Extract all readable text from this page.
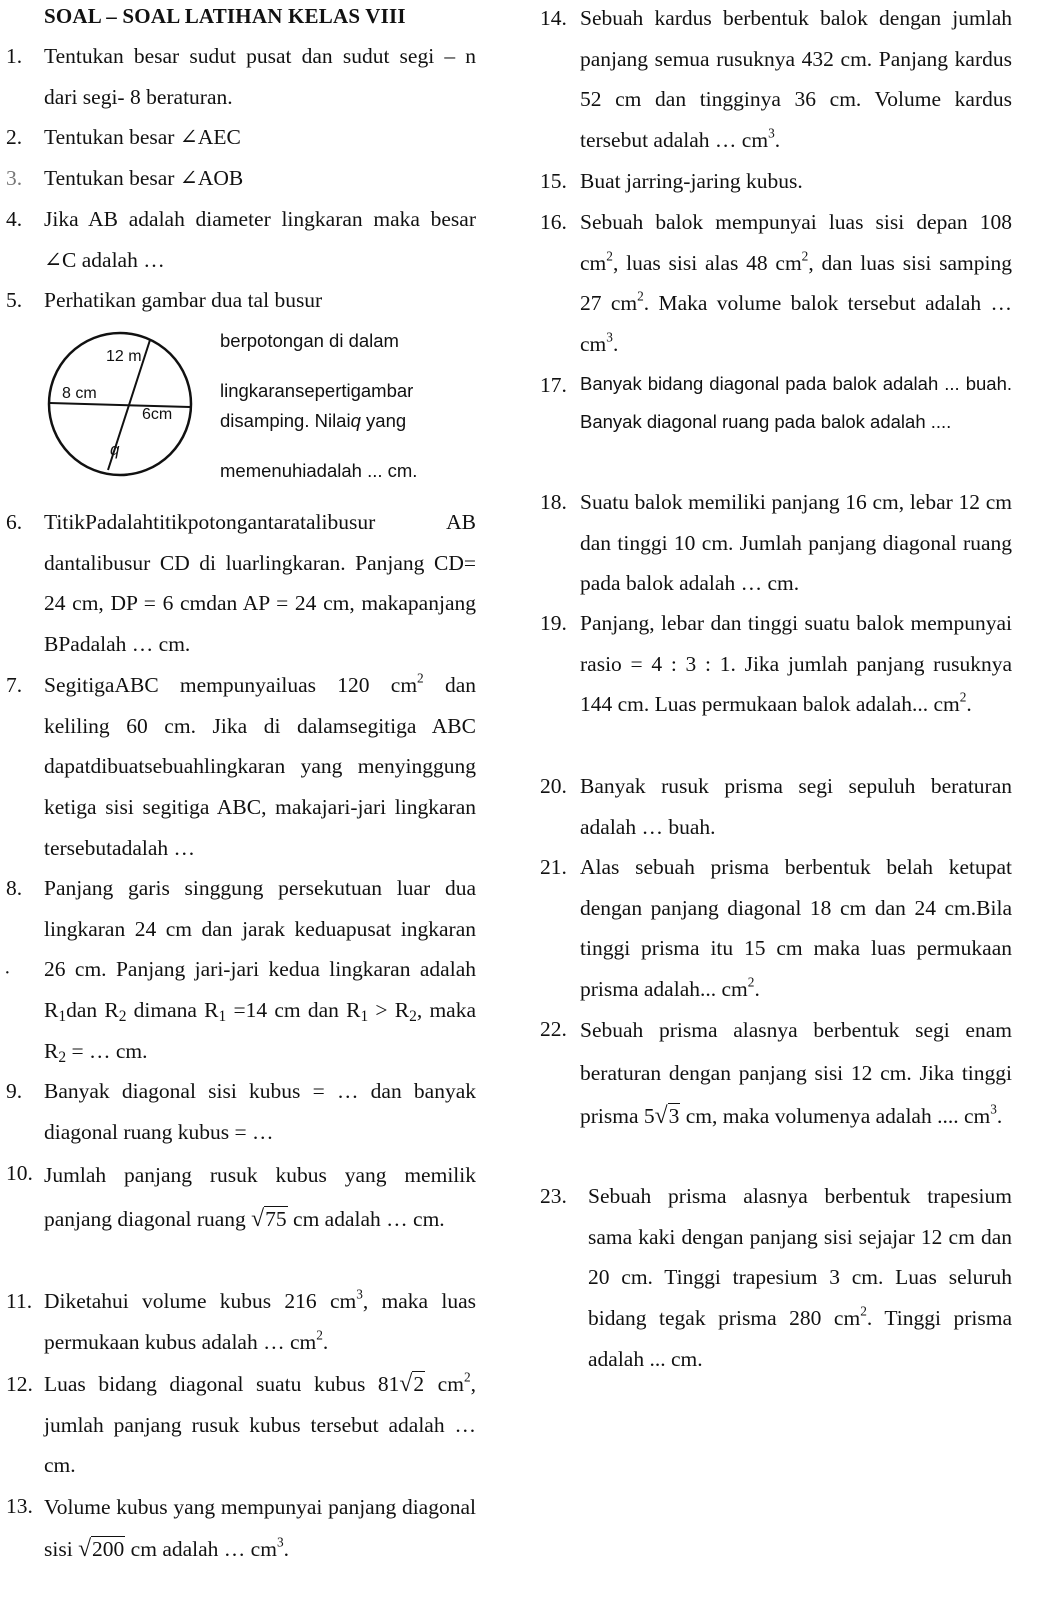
SOAL – SOAL LATIHAN KELAS VIII
1.	Tentukan besar sudut pusat dan sudut segi – n dari segi- 8 beraturan.
2.	Tentukan besar ∠AEC
3.	Tentukan besar ∠AOB
4.	Jika AB adalah diameter lingkaran maka besar ∠C adalah …
5.	Perhatikan gambar dua tal busur
12 m
8 cm
6cm
q
berpotongan di dalam
lingkaransepertigambar
disamping. Nilaiq yang
memenuhiadalah ... cm.
6.	TitikPadalahtitikpotongantaratalibusur AB dantalibusur CD di luarlingkaran. Panjang CD= 24 cm, DP = 6 cmdan AP = 24 cm, makapanjang BPadalah … cm.
7.	SegitigaABC mempunyailuas 120 $cm^2$ dan keliling 60 cm. Jika di dalamsegitiga ABC dapatdibuatsebuahlingkaran yang menyinggung ketiga sisi segitiga ABC, makajari-jari lingkaran tersebutadalah …
8.	Panjang garis singgung persekutuan luar dua lingkaran 24 cm dan jarak keduapusat ingkaran 26 cm. Panjang jari-jari kedua lingkaran adalah $R_1dan$ $R_2$ dimana $R_1 =14$ cm dan $R_1 > R_2$, maka $R_2$ = … cm.
·
9.	Banyak diagonal sisi kubus = … dan banyak diagonal ruang kubus = …
10. Jumlah panjang rusuk kubus yang memilik panjang diagonal ruang √75 cm adalah … cm.
11. Diketahui volume kubus 216 $cm^3$, maka luas permukaan kubus adalah … $cm^2$.
12. Luas bidang diagonal suatu kubus 81√2 $cm^2$, jumlah panjang rusuk kubus tersebut adalah … cm.
13. Volume kubus yang mempunyai panjang diagonal sisi √200 cm adalah … $cm^3$.
14. Sebuah kardus berbentuk balok dengan jumlah panjang semua rusuknya 432 cm. Panjang kardus 52 cm dan tingginya 36 cm. Volume kardus tersebut adalah … $cm^3$.
15. Buat jarring-jaring kubus.
16. Sebuah balok mempunyai luas sisi depan 108 $cm^2$, luas sisi alas 48 $cm^2$, dan luas sisi samping 27 $cm^2$. Maka volume balok tersebut adalah … $cm^3$.
17. Banyak bidang diagonal pada balok adalah ... buah. Banyak diagonal ruang pada balok adalah ....
18. Suatu balok memiliki panjang 16 cm, lebar 12 cm dan tinggi 10 cm. Jumlah panjang diagonal ruang pada balok adalah … cm.
19. Panjang, lebar dan tinggi suatu balok mempunyai rasio = 4 : 3 : 1. Jika jumlah panjang rusuknya 144 cm. Luas permukaan balok adalah... $cm^2$.
20. Banyak rusuk prisma segi sepuluh beraturan adalah … buah.
21. Alas sebuah prisma berbentuk belah ketupat dengan panjang diagonal 18 cm dan 24 cm.Bila tinggi prisma itu 15 cm maka luas permukaan prisma adalah... $cm^2$.
22. Sebuah prisma alasnya berbentuk segi enam beraturan dengan panjang sisi 12 cm. Jika tinggi prisma 5√3 cm, maka volumenya adalah .... $cm^3$.
23. Sebuah prisma alasnya berbentuk trapesium sama kaki dengan panjang sisi sejajar 12 cm dan 20 cm. Tinggi trapesium 3 cm. Luas seluruh bidang tegak prisma 280 $cm^2$. Tinggi prisma adalah ... cm.
